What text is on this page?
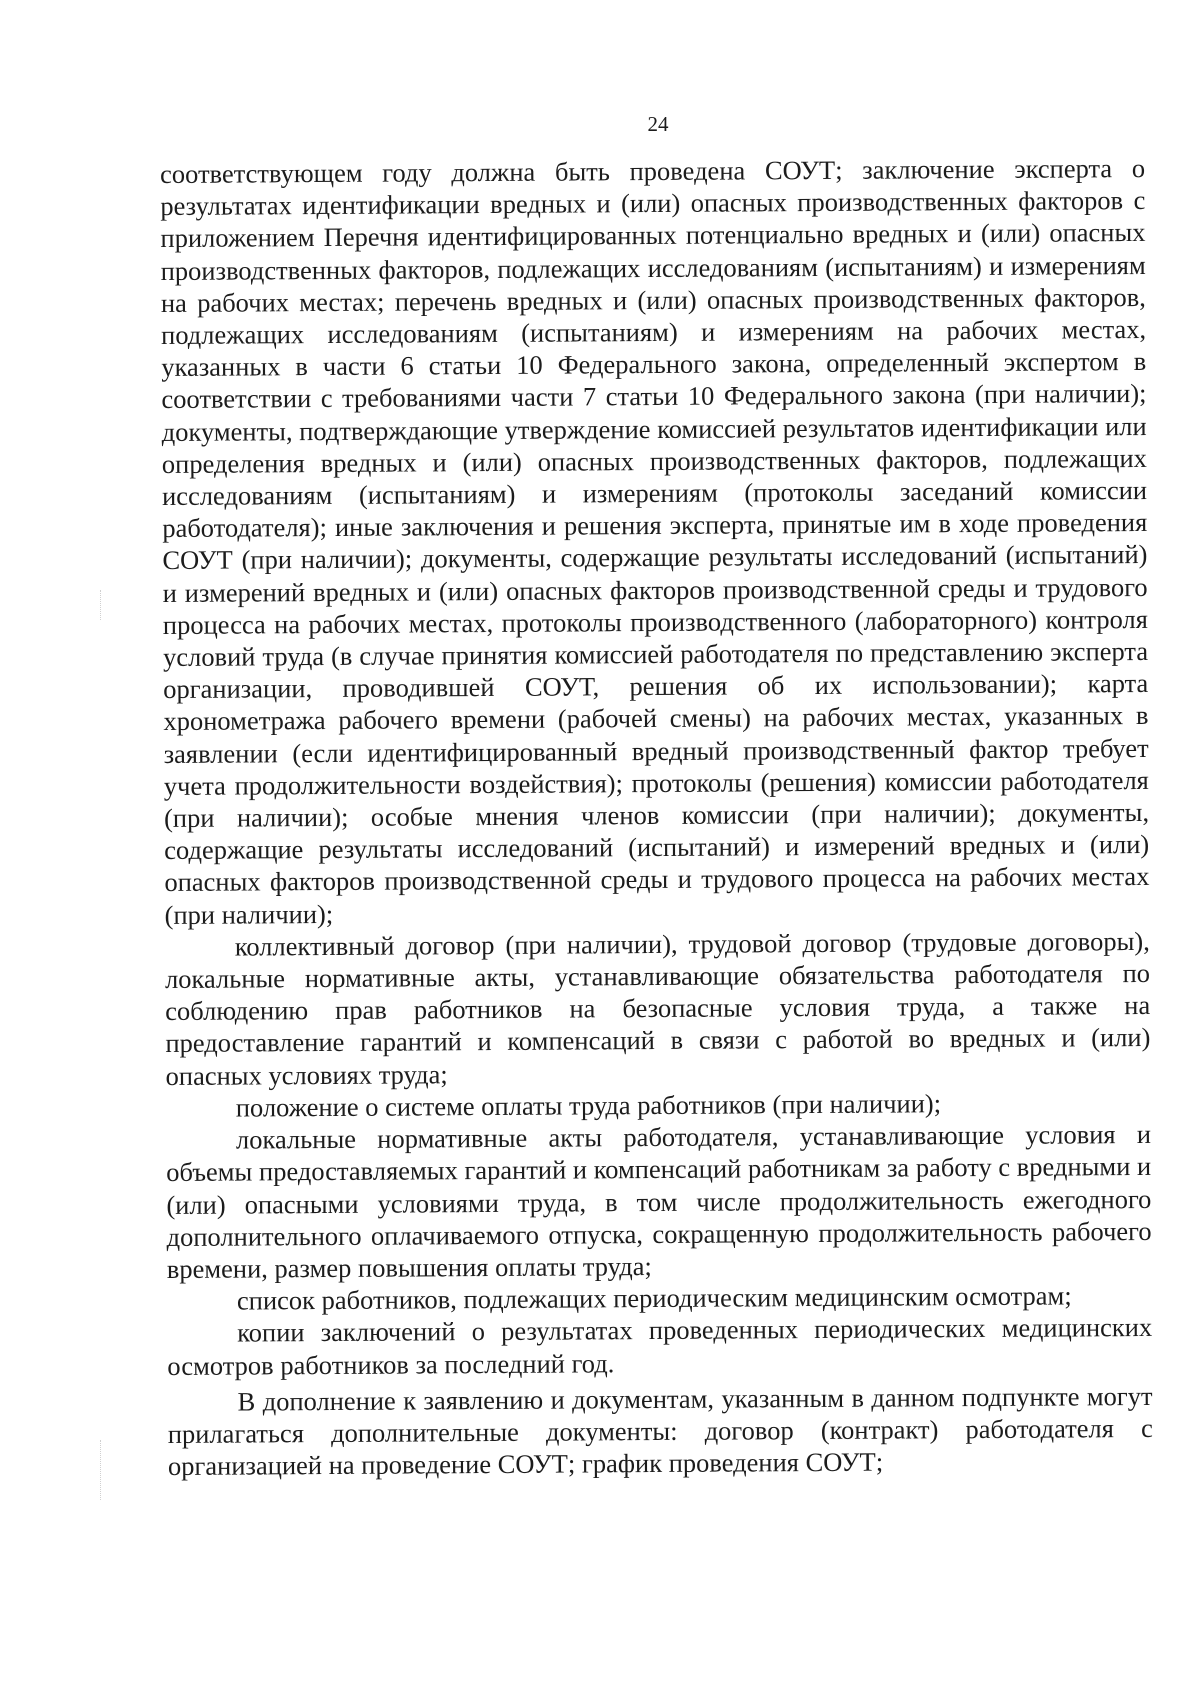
24

соответствующем году должна быть проведена СОУТ; заключение эксперта о результатах идентификации вредных и (или) опасных производственных факторов с приложением Перечня идентифицированных потенциально вредных и (или) опасных производственных факторов, подлежащих исследованиям (испытаниям) и измерениям на рабочих местах; перечень вредных и (или) опасных производственных факторов, подлежащих исследованиям (испытаниям) и измерениям на рабочих местах, указанных в части 6 статьи 10 Федерального закона, определенный экспертом в соответствии с требованиями части 7 статьи 10 Федерального закона (при наличии); документы, подтверждающие утверждение комиссией результатов идентификации или определения вредных и (или) опасных производственных факторов, подлежащих исследованиям (испытаниям) и измерениям (протоколы заседаний комиссии работодателя); иные заключения и решения эксперта, принятые им в ходе проведения СОУТ (при наличии); документы, содержащие результаты исследований (испытаний) и измерений вредных и (или) опасных факторов производственной среды и трудового процесса на рабочих местах, протоколы производственного (лабораторного) контроля условий труда (в случае принятия комиссией работодателя по представлению эксперта организации, проводившей СОУТ, решения об их использовании); карта хронометража рабочего времени (рабочей смены) на рабочих местах, указанных в заявлении (если идентифицированный вредный производственный фактор требует учета продолжительности воздействия); протоколы (решения) комиссии работодателя (при наличии); особые мнения членов комиссии (при наличии); документы, содержащие результаты исследований (испытаний) и измерений вредных и (или) опасных факторов производственной среды и трудового процесса на рабочих местах (при наличии);

коллективный договор (при наличии), трудовой договор (трудовые договоры), локальные нормативные акты, устанавливающие обязательства работодателя по соблюдению прав работников на безопасные условия труда, а также на предоставление гарантий и компенсаций в связи с работой во вредных и (или) опасных условиях труда;

положение о системе оплаты труда работников (при наличии);

локальные нормативные акты работодателя, устанавливающие условия и объемы предоставляемых гарантий и компенсаций работникам за работу с вредными и (или) опасными условиями труда, в том числе продолжительность ежегодного дополнительного оплачиваемого отпуска, сокращенную продолжительность рабочего времени, размер повышения оплаты труда;

список работников, подлежащих периодическим медицинским осмотрам;

копии заключений о результатах проведенных периодических медицинских осмотров работников за последний год.

В дополнение к заявлению и документам, указанным в данном подпункте могут прилагаться дополнительные документы: договор (контракт) работодателя с организацией на проведение СОУТ; график проведения СОУТ;
